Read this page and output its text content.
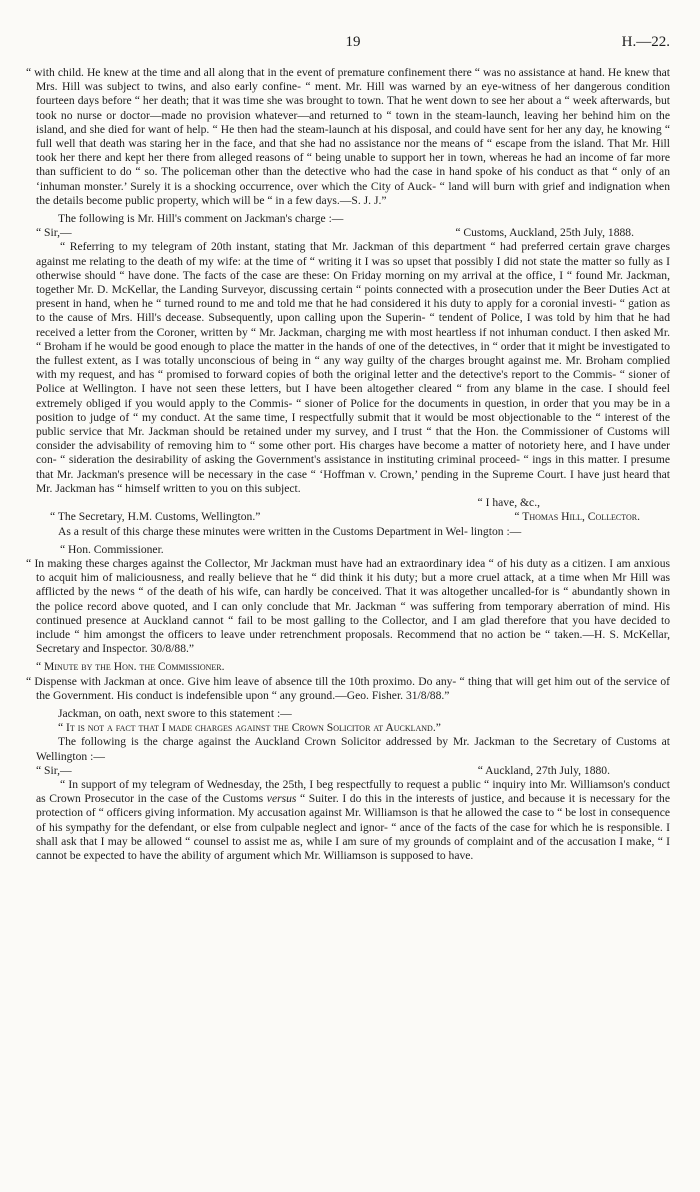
19	H.—22.

“ with child. He knew at the time and all along that in the event of premature confinement there “ was no assistance at hand. He knew that Mrs. Hill was subject to twins, and also early confine- “ ment. Mr. Hill was warned by an eye-witness of her dangerous condition fourteen days before “ her death; that it was time she was brought to town. That he went down to see her about a “ week afterwards, but took no nurse or doctor—made no provision whatever—and returned to “ town in the steam-launch, leaving her behind him on the island, and she died for want of help. “ He then had the steam-launch at his disposal, and could have sent for her any day, he knowing “ full well that death was staring her in the face, and that she had no assistance nor the means of “ escape from the island. That Mr. Hill took her there and kept her there from alleged reasons of “ being unable to support her in town, whereas he had an income of far more than sufficient to do “ so. The policeman other than the detective who had the case in hand spoke of his conduct as that “ only of an ‘inhuman monster.’ Surely it is a shocking occurrence, over which the City of Auck- “ land will burn with grief and indignation when the details become public property, which will be “ in a few days.—S. J. J.”

The following is Mr. Hill's comment on Jackman's charge :—

“ Sir,—	“ Customs, Auckland, 25th July, 1888.

“ Referring to my telegram of 20th instant, stating that Mr. Jackman of this department “ had preferred certain grave charges against me relating to the death of my wife: at the time of “ writing it I was so upset that possibly I did not state the matter so fully as I otherwise should “ have done. The facts of the case are these: On Friday morning on my arrival at the office, I “ found Mr. Jackman, together Mr. D. McKellar, the Landing Surveyor, discussing certain “ points connected with a prosecution under the Beer Duties Act at present in hand, when he “ turned round to me and told me that he had considered it his duty to apply for a coronial investi- “ gation as to the cause of Mrs. Hill's decease. Subsequently, upon calling upon the Superin- “ tendent of Police, I was told by him that he had received a letter from the Coroner, written by “ Mr. Jackman, charging me with most heartless if not inhuman conduct. I then asked Mr. “ Broham if he would be good enough to place the matter in the hands of one of the detectives, in “ order that it might be investigated to the fullest extent, as I was totally unconscious of being in “ any way guilty of the charges brought against me. Mr. Broham complied with my request, and has “ promised to forward copies of both the original letter and the detective's report to the Commis- “ sioner of Police at Wellington. I have not seen these letters, but I have been altogether cleared “ from any blame in the case. I should feel extremely obliged if you would apply to the Commis- “ sioner of Police for the documents in question, in order that you may be in a position to judge of “ my conduct. At the same time, I respectfully submit that it would be most objectionable to the “ interest of the public service that Mr. Jackman should be retained under my survey, and I trust “ that the Hon. the Commissioner of Customs will consider the advisability of removing him to “ some other port. His charges have become a matter of notoriety here, and I have under con- “ sideration the desirability of asking the Government's assistance in instituting criminal proceed- “ ings in this matter. I presume that Mr. Jackman's presence will be necessary in the case “ ‘Hoffman v. Crown,’ pending in the Supreme Court. I have just heard that Mr. Jackman has “ himself written to you on this subject.

“ I have, &c.,
“ The Secretary, H.M. Customs, Wellington.”	“ Thomas Hill, Collector.

As a result of this charge these minutes were written in the Customs Department in Wel- lington :—

“ Hon. Commissioner.

“ In making these charges against the Collector, Mr Jackman must have had an extraordinary idea “ of his duty as a citizen. I am anxious to acquit him of maliciousness, and really believe that he “ did think it his duty; but a more cruel attack, at a time when Mr Hill was afflicted by the news “ of the death of his wife, can hardly be conceived. That it was altogether uncalled-for is “ abundantly shown in the police record above quoted, and I can only conclude that Mr. Jackman “ was suffering from temporary aberration of mind. His continued presence at Auckland cannot “ fail to be most galling to the Collector, and I am glad therefore that you have decided to include “ him amongst the officers to leave under retrenchment proposals. Recommend that no action be “ taken.—H. S. McKellar, Secretary and Inspector. 30/8/88.”

“ Minute by the Hon. the Commissioner.

“ Dispense with Jackman at once. Give him leave of absence till the 10th proximo. Do any- “ thing that will get him out of the service of the Government. His conduct is indefensible upon “ any ground.—Geo. Fisher. 31/8/88.”

Jackman, on oath, next swore to this statement :—

“ It is not a fact that I made charges against the Crown Solicitor at Auckland.”

The following is the charge against the Auckland Crown Solicitor addressed by Mr. Jackman to the Secretary of Customs at Wellington :—

“ Sir,—	“ Auckland, 27th July, 1880.

“ In support of my telegram of Wednesday, the 25th, I beg respectfully to request a public “ inquiry into Mr. Williamson's conduct as Crown Prosecutor in the case of the Customs versus “ Suiter. I do this in the interests of justice, and because it is necessary for the protection of “ officers giving information. My accusation against Mr. Williamson is that he allowed the case to “ be lost in consequence of his sympathy for the defendant, or else from culpable neglect and ignor- “ ance of the facts of the case for which he is responsible. I shall ask that I may be allowed “ counsel to assist me as, while I am sure of my grounds of complaint and of the accusation I make, “ I cannot be expected to have the ability of argument which Mr. Williamson is supposed to have.
